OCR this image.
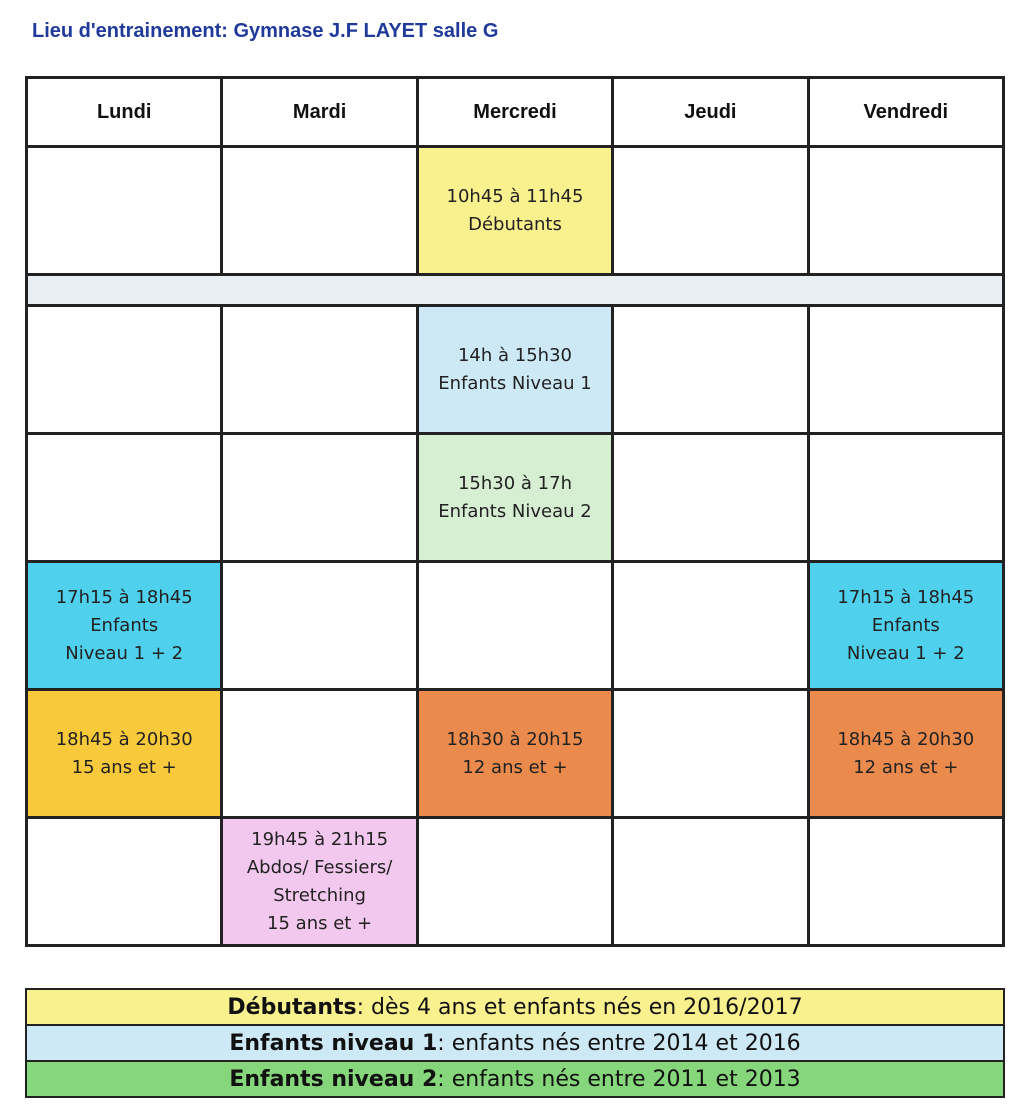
Lieu d'entrainement: Gymnase J.F LAYET salle G
Lundi	Mardi	Mercredi	Jeudi	Vendredi

		10h45 à 11h45
Débutants		

		14h à 15h30
Enfants Niveau 1		

		15h30 à 17h
Enfants Niveau 2		

17h15 à 18h45
Enfants
Niveau 1 + 2				17h15 à 18h45
Enfants
Niveau 1 + 2

18h45 à 20h30
15 ans et +		18h30 à 20h15
12 ans et +		18h45 à 20h30
12 ans et +

	19h45 à 21h15
Abdos/ Fessiers/
Stretching
15 ans et +			

Débutants: dès 4 ans et enfants nés en 2016/2017
Enfants niveau 1: enfants nés entre 2014 et 2016
Enfants niveau 2: enfants nés entre 2011 et 2013
